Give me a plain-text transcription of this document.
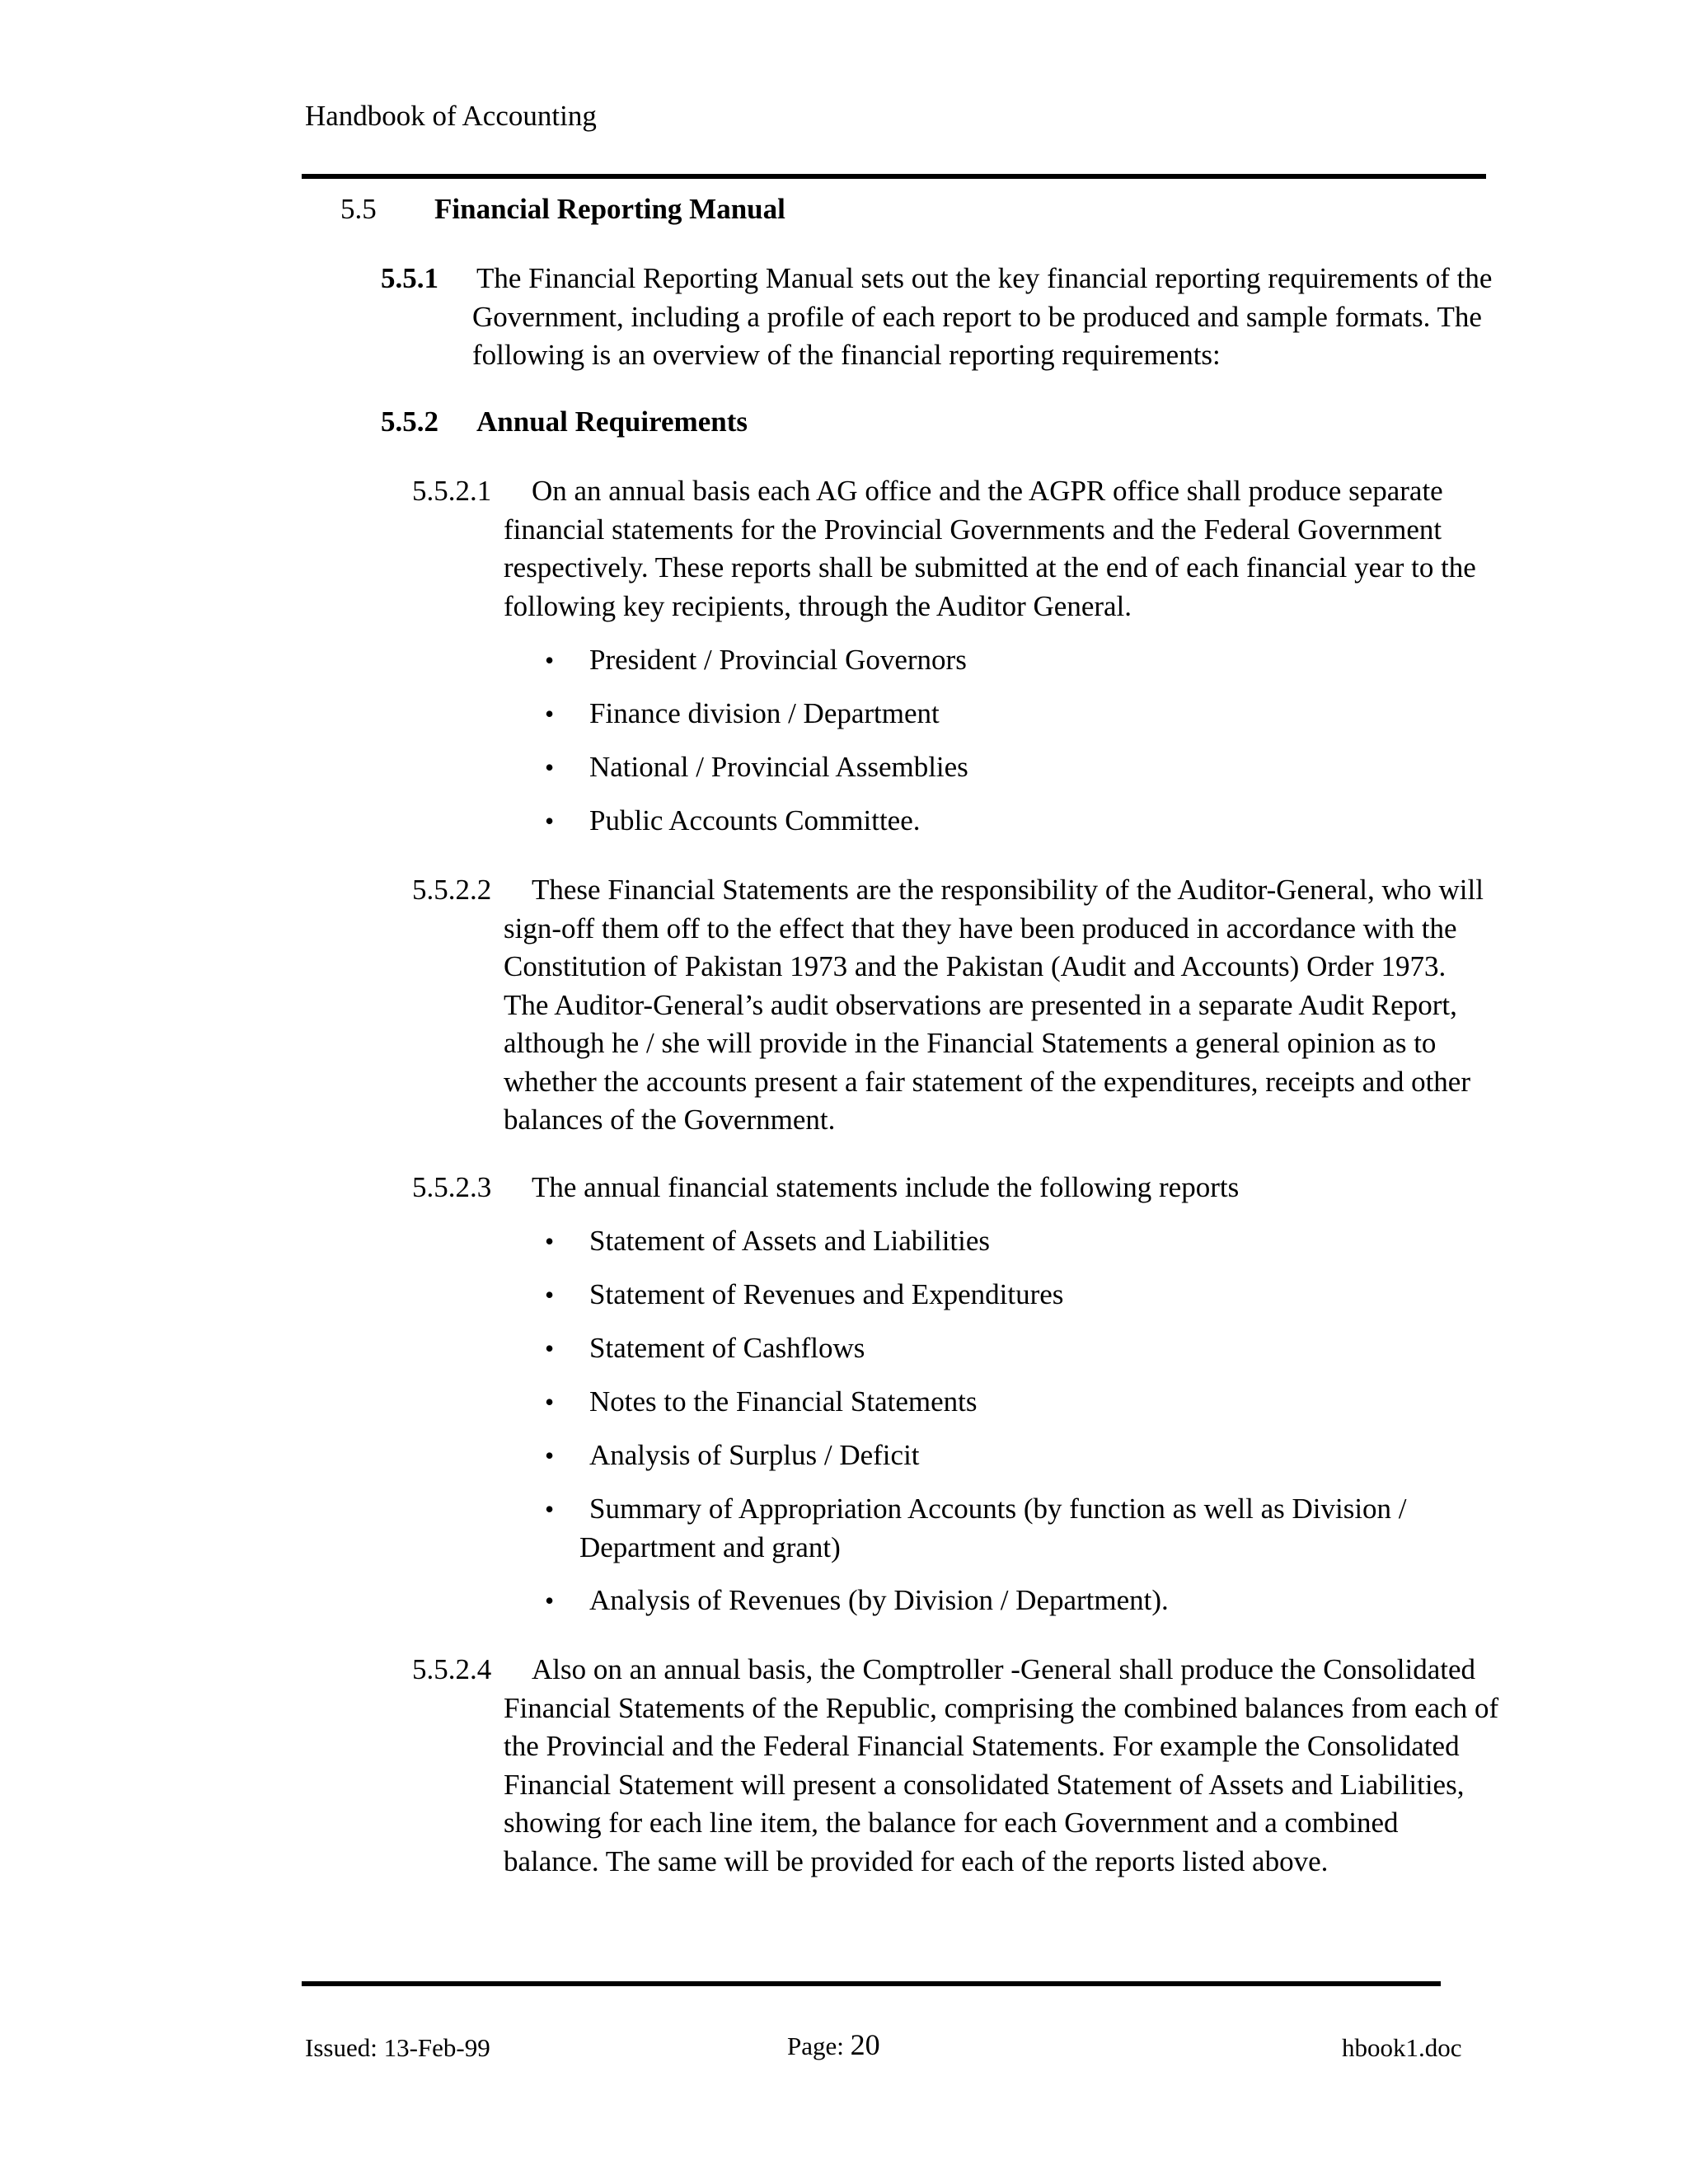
Handbook of Accounting
5.5 Financial Reporting Manual
5.5.1 The Financial Reporting Manual sets out the key financial reporting requirements of the
Government, including a profile of each report to be produced and sample formats. The
following is an overview of the financial reporting requirements:
5.5.2 Annual Requirements
5.5.2.1 On an annual basis each AG office and the AGPR office shall produce separate
financial statements for the Provincial Governments and the Federal Government
respectively. These reports shall be submitted at the end of each financial year to the
following key recipients, through the Auditor General.
• President / Provincial Governors
• Finance division / Department
• National / Provincial Assemblies
• Public Accounts Committee.
5.5.2.2 These Financial Statements are the responsibility of the Auditor-General, who will
sign-off them off to the effect that they have been produced in accordance with the
Constitution of Pakistan 1973 and the Pakistan (Audit and Accounts) Order 1973.
The Auditor-General’s audit observations are presented in a separate Audit Report,
although he / she will provide in the Financial Statements a general opinion as to
whether the accounts present a fair statement of the expenditures, receipts and other
balances of the Government.
5.5.2.3 The annual financial statements include the following reports
• Statement of Assets and Liabilities
• Statement of Revenues and Expenditures
• Statement of Cashflows
• Notes to the Financial Statements
• Analysis of Surplus / Deficit
• Summary of Appropriation Accounts (by function as well as Division /
Department and grant)
• Analysis of Revenues (by Division / Department).
5.5.2.4 Also on an annual basis, the Comptroller -General shall produce the Consolidated
Financial Statements of the Republic, comprising the combined balances from each of
the Provincial and the Federal Financial Statements. For example the Consolidated
Financial Statement will present a consolidated Statement of Assets and Liabilities,
showing for each line item, the balance for each Government and a combined
balance. The same will be provided for each of the reports listed above.
Issued: 13-Feb-99	Page: 20	hbook1.doc
